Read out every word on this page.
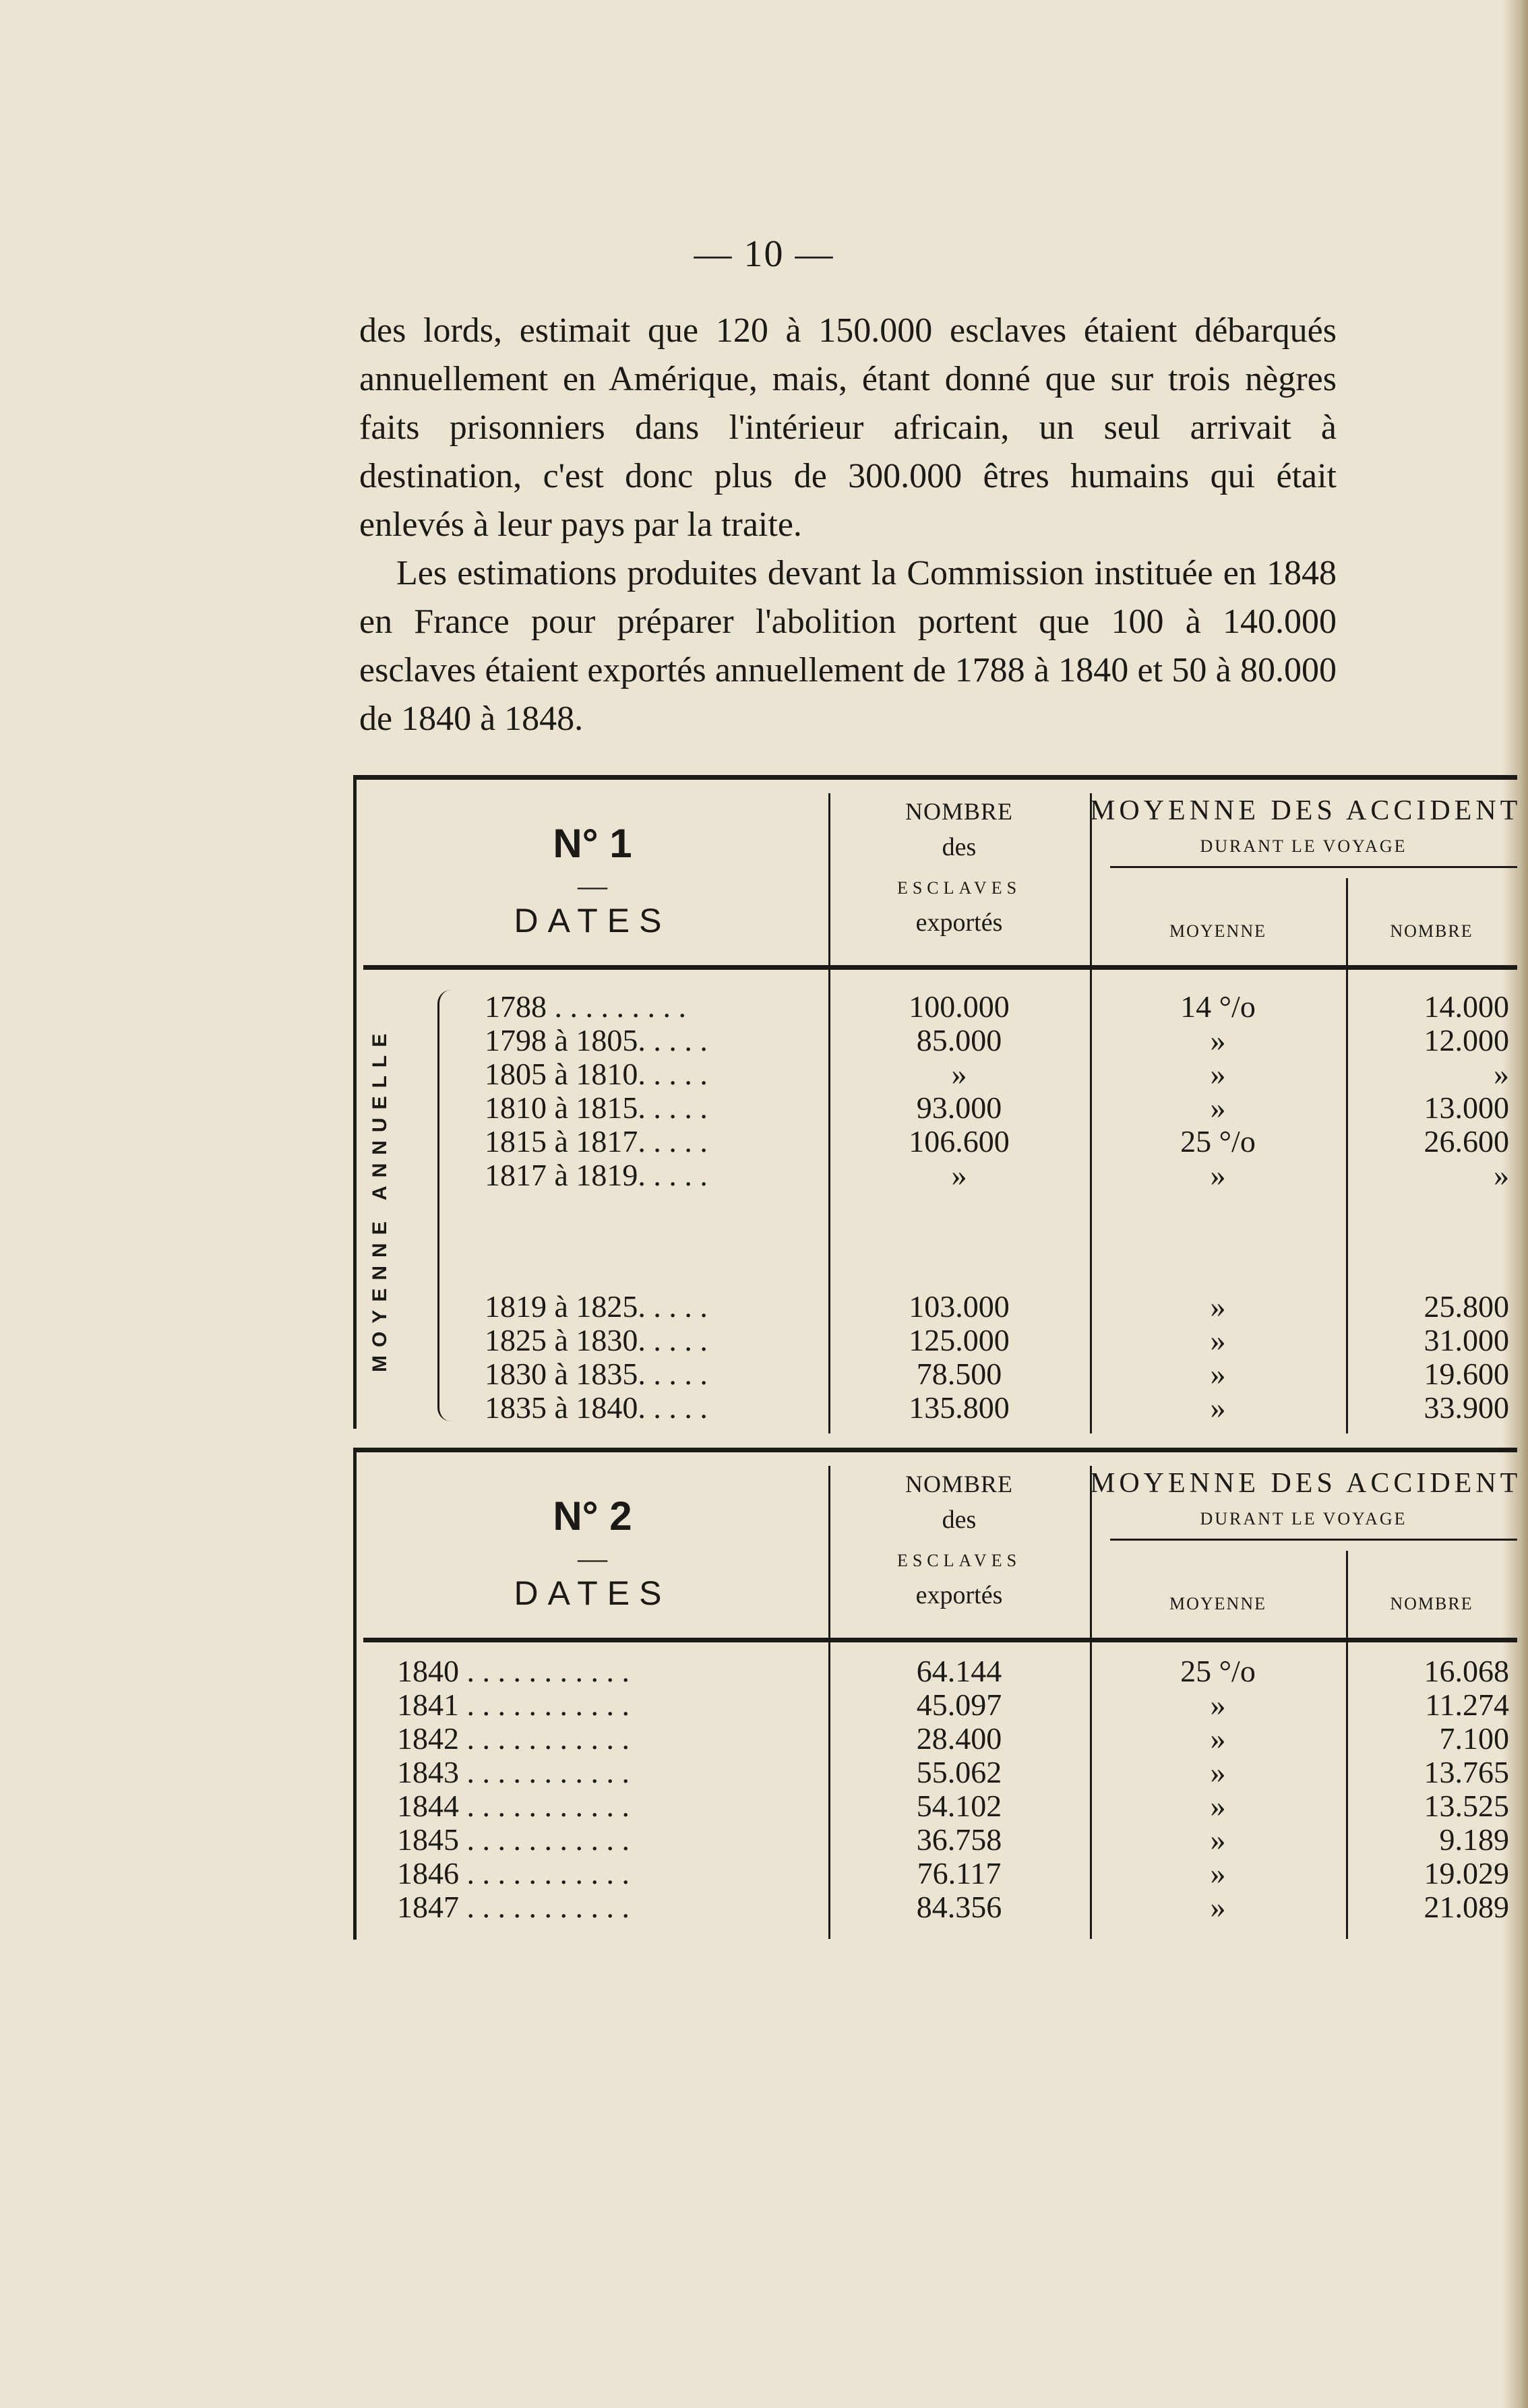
— 10 —

des lords, estimait que 120 à 150.000 esclaves étaient débarqués annuellement en Amérique, mais, étant donné que sur trois nègres faits prisonniers dans l'intérieur africain, un seul arrivait à destination, c'est donc plus de 300.000 êtres humains qui était enlevés à leur pays par la traite.

Les estimations produites devant la Commission instituée en 1848 en France pour préparer l'abolition portent que 100 à 140.000 esclaves étaient exportés annuellement de 1788 à 1840 et 50 à 80.000 de 1840 à 1848.

N° 1
—
DATES
NOMBRE
des
ESCLAVES
exportés
MOYENNE DES ACCIDENT
DURANT LE VOYAGE
MOYENNE	NOMBRE
MOYENNE ANNUELLE
1788 . . . . . . . . .	100.000	14 °/o	14.000
1798 à 1805. . . . .	85.000	»	12.000
1805 à 1810. . . . .	»	»	»
1810 à 1815. . . . .	93.000	»	13.000
1815 à 1817. . . . .	106.600	25 °/o	26.600
1817 à 1819. . . . .	»	»	»
1819 à 1825. . . . .	103.000	»	25.800
1825 à 1830. . . . .	125.000	»	31.000
1830 à 1835. . . . .	78.500	»	19.600
1835 à 1840. . . . .	135.800	»	33.900
N° 2
—
DATES
NOMBRE
des
ESCLAVES
exportés
MOYENNE DES ACCIDENT
DURANT LE VOYAGE
MOYENNE	NOMBRE
1840 . . . . . . . . . . .	64.144	25 °/o	16.068
1841 . . . . . . . . . . .	45.097	»	11.274
1842 . . . . . . . . . . .	28.400	»	7.100
1843 . . . . . . . . . . .	55.062	»	13.765
1844 . . . . . . . . . . .	54.102	»	13.525
1845 . . . . . . . . . . .	36.758	»	9.189
1846 . . . . . . . . . . .	76.117	»	19.029
1847 . . . . . . . . . . .	84.356	»	21.089
